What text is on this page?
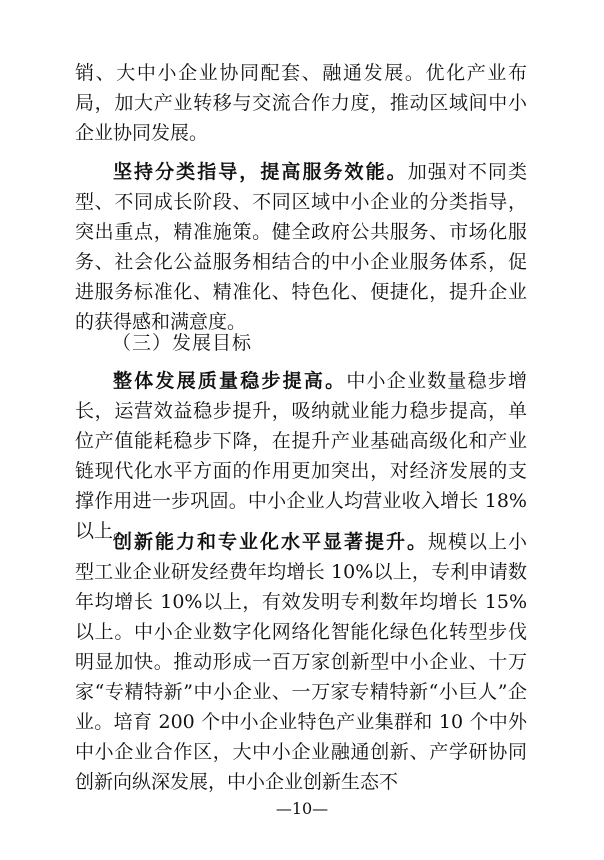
销、大中小企业协同配套、融通发展。优化产业布局，加大产业转移与交流合作力度，推动区域间中小企业协同发展。

坚持分类指导，提高服务效能。加强对不同类型、不同成长阶段、不同区域中小企业的分类指导，突出重点，精准施策。健全政府公共服务、市场化服务、社会化公益服务相结合的中小企业服务体系，促进服务标准化、精准化、特色化、便捷化，提升企业的获得感和满意度。

（三）发展目标

整体发展质量稳步提高。中小企业数量稳步增长，运营效益稳步提升，吸纳就业能力稳步提高，单位产值能耗稳步下降，在提升产业基础高级化和产业链现代化水平方面的作用更加突出，对经济发展的支撑作用进一步巩固。中小企业人均营业收入增长 18%以上。

创新能力和专业化水平显著提升。规模以上小型工业企业研发经费年均增长 10%以上，专利申请数年均增长 10%以上，有效发明专利数年均增长 15%以上。中小企业数字化网络化智能化绿色化转型步伐明显加快。推动形成一百万家创新型中小企业、十万家“专精特新”中小企业、一万家专精特新“小巨人”企业。培育 200 个中小企业特色产业集群和 10 个中外中小企业合作区，大中小企业融通创新、产学研协同创新向纵深发展，中小企业创新生态不

—10—
